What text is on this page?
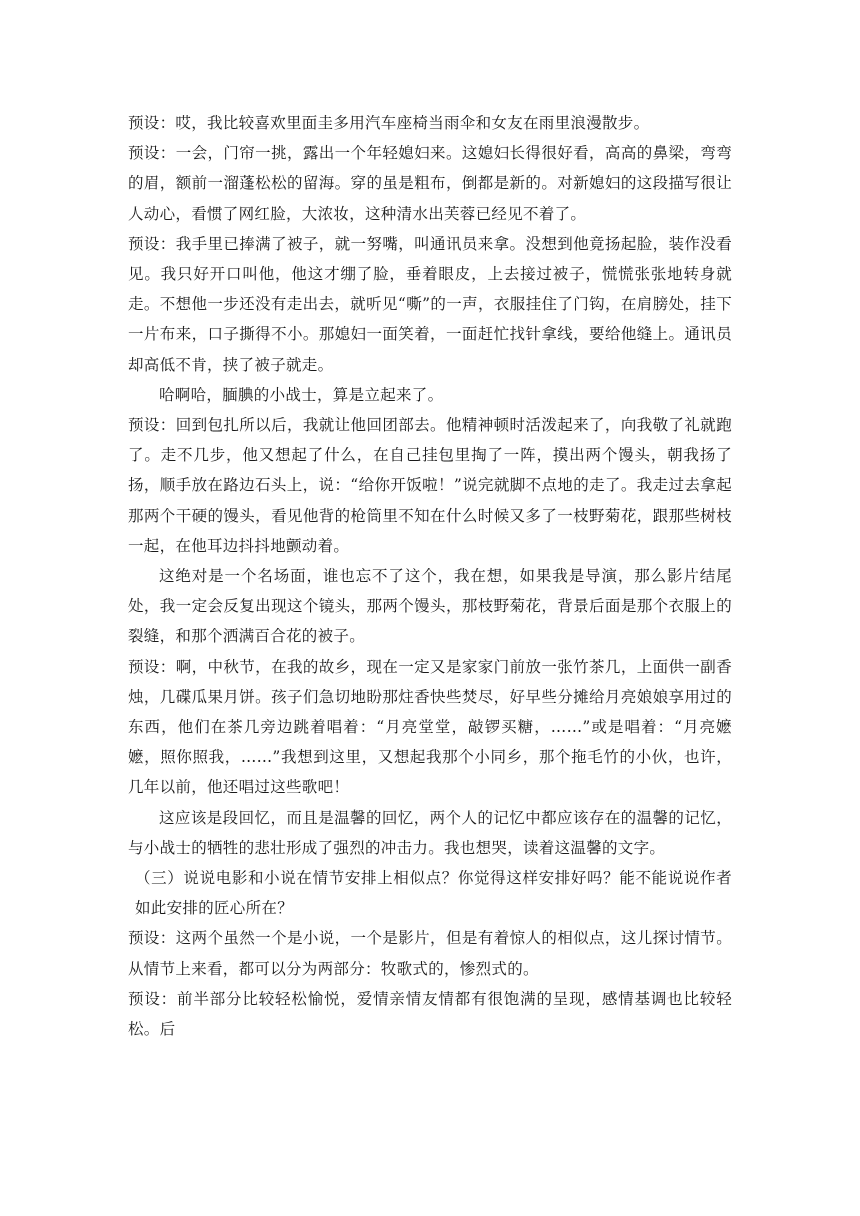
预设：哎，我比较喜欢里面圭多用汽车座椅当雨伞和女友在雨里浪漫散步。

预设：一会，门帘一挑，露出一个年轻媳妇来。这媳妇长得很好看，高高的鼻梁，弯弯的眉，额前一溜蓬松松的留海。穿的虽是粗布，倒都是新的。对新媳妇的这段描写很让人动心，看惯了网红脸，大浓妆，这种清水出芙蓉已经见不着了。

预设：我手里已捧满了被子，就一努嘴，叫通讯员来拿。没想到他竟扬起脸，装作没看见。我只好开口叫他，他这才绷了脸，垂着眼皮，上去接过被子，慌慌张张地转身就走。不想他一步还没有走出去，就听见“嘶”的一声，衣服挂住了门钩，在肩膀处，挂下一片布来，口子撕得不小。那媳妇一面笑着，一面赶忙找针拿线，要给他缝上。通讯员却高低不肯，挟了被子就走。

哈啊哈，腼腆的小战士，算是立起来了。

预设：回到包扎所以后，我就让他回团部去。他精神顿时活泼起来了，向我敬了礼就跑了。走不几步，他又想起了什么，在自己挂包里掏了一阵，摸出两个馒头，朝我扬了扬，顺手放在路边石头上，说：“给你开饭啦！”说完就脚不点地的走了。我走过去拿起那两个干硬的馒头，看见他背的枪筒里不知在什么时候又多了一枝野菊花，跟那些树枝一起，在他耳边抖抖地颤动着。

这绝对是一个名场面，谁也忘不了这个，我在想，如果我是导演，那么影片结尾处，我一定会反复出现这个镜头，那两个馒头，那枝野菊花，背景后面是那个衣服上的裂缝，和那个洒满百合花的被子。

预设：啊，中秋节，在我的故乡，现在一定又是家家门前放一张竹茶几，上面供一副香烛，几碟瓜果月饼。孩子们急切地盼那炷香快些焚尽，好早些分摊给月亮娘娘享用过的东西，他们在茶几旁边跳着唱着：“月亮堂堂，敲锣买糖，……”或是唱着：“月亮嬷嬷，照你照我，……”我想到这里，又想起我那个小同乡，那个拖毛竹的小伙，也许，几年以前，他还唱过这些歌吧！

这应该是段回忆，而且是温馨的回忆，两个人的记忆中都应该存在的温馨的记忆，与小战士的牺牲的悲壮形成了强烈的冲击力。我也想哭，读着这温馨的文字。

（三）说说电影和小说在情节安排上相似点？你觉得这样安排好吗？能不能说说作者如此安排的匠心所在？

预设：这两个虽然一个是小说，一个是影片，但是有着惊人的相似点，这儿探讨情节。从情节上来看，都可以分为两部分：牧歌式的，惨烈式的。

预设：前半部分比较轻松愉悦，爱情亲情友情都有很饱满的呈现，感情基调也比较轻松。后
